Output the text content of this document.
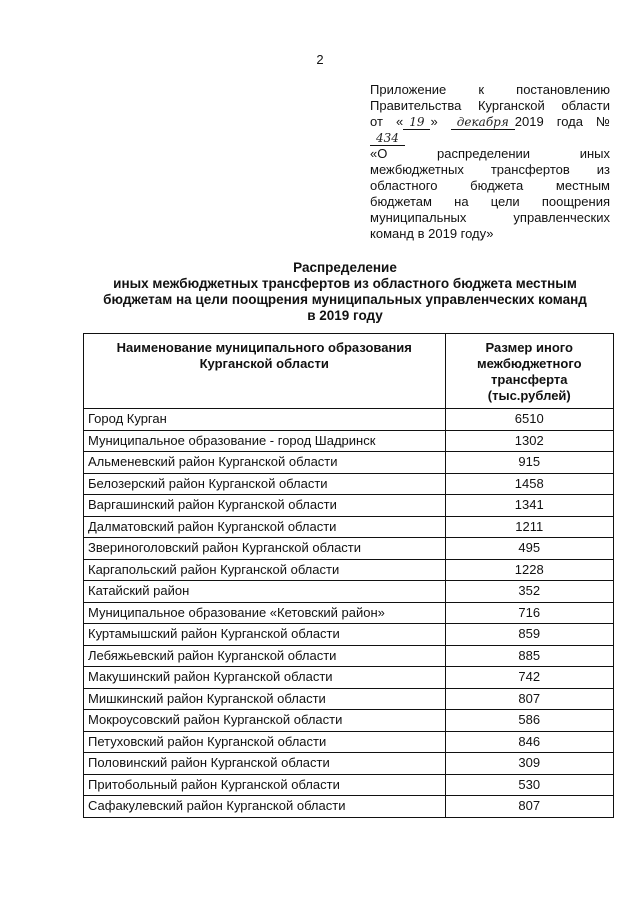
2
Приложение к постановлению
Правительства Курганской области
от « 19 » декабря 2019 года № 434
«О распределении иных
межбюджетных трансфертов из
областного бюджета местным
бюджетам на цели поощрения
муниципальных управленческих
команд в 2019 году»
Распределение
иных межбюджетных трансфертов из областного бюджета местным
бюджетам на цели поощрения муниципальных управленческих команд
в 2019 году
Наименование муниципального образования Курганской области	Размер иного межбюджетного трансферта (тыс.рублей)
Город Курган	6510
Муниципальное образование - город Шадринск	1302
Альменевский район Курганской области	915
Белозерский район Курганской области	1458
Варгашинский район Курганской области	1341
Далматовский район Курганской области	1211
Звериноголовский район Курганской области	495
Каргапольский район Курганской области	1228
Катайский район	352
Муниципальное образование «Кетовский район»	716
Куртамышский район Курганской области	859
Лебяжьевский район Курганской области	885
Макушинский район Курганской области	742
Мишкинский район Курганской области	807
Мокроусовский район Курганской области	586
Петуховский район Курганской области	846
Половинский район Курганской области	309
Притобольный район Курганской области	530
Сафакулевский район Курганской области	807
